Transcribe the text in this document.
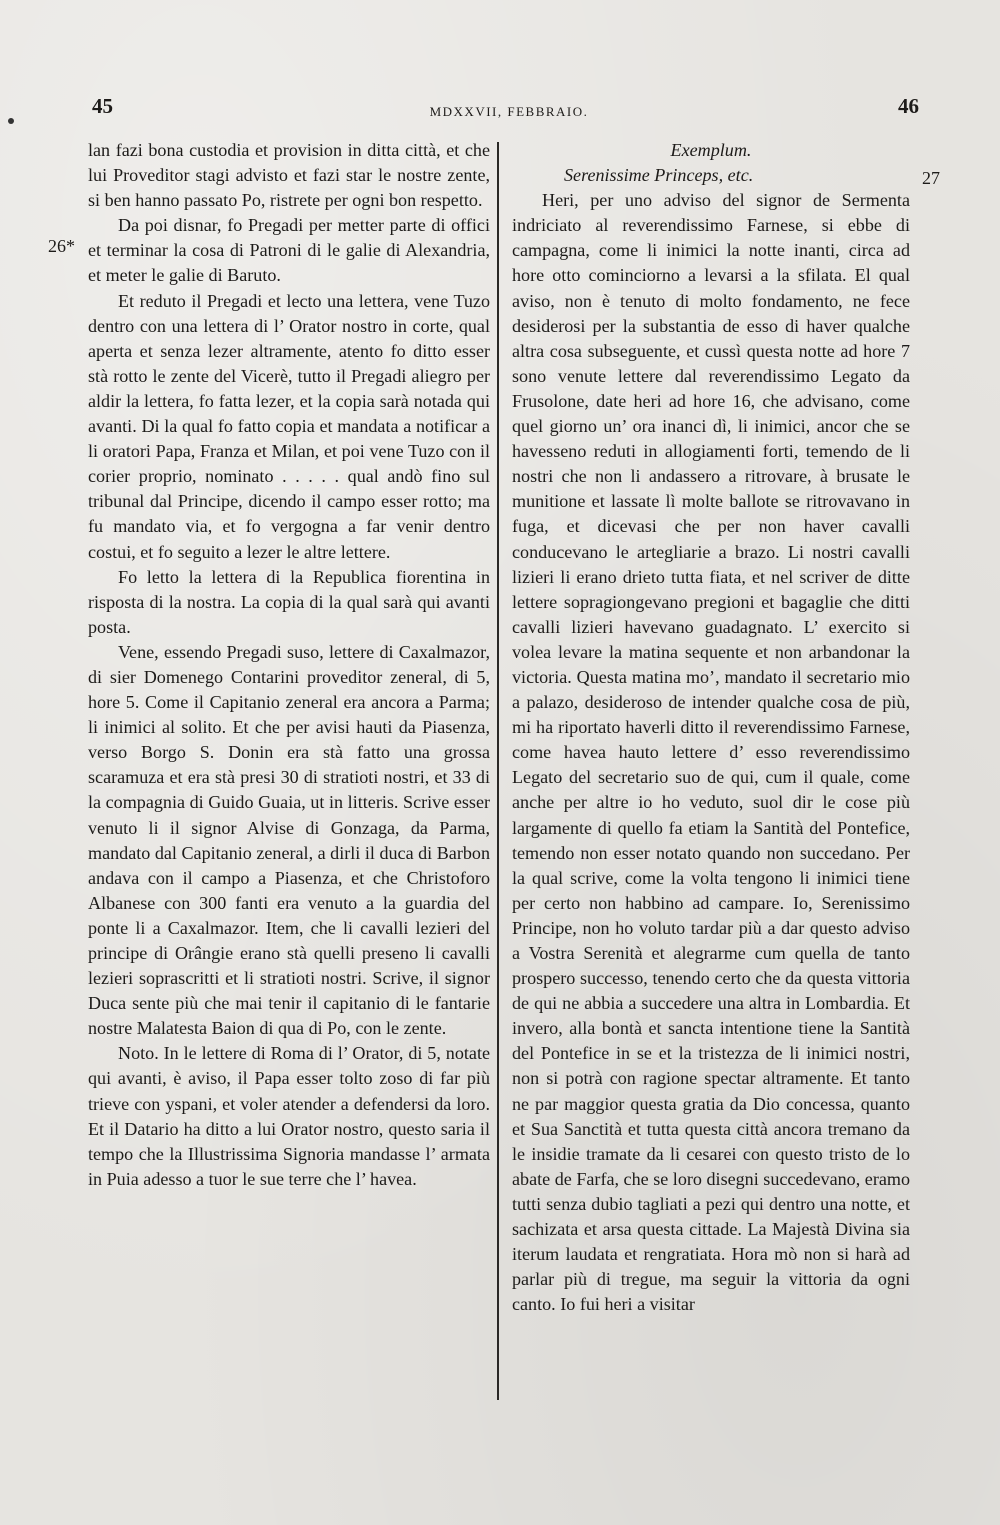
45	MDXXVII, FEBBRAIO.	46
26*
27

lan fazi bona custodia et provision in ditta città, et che lui Proveditor stagi advisto et fazi star le nostre zente, si ben hanno passato Po, ristrete per ogni bon respetto.

Da poi disnar, fo Pregadi per metter parte di offici et terminar la cosa di Patroni di le galie di Alexandria, et meter le galie di Baruto.

Et reduto il Pregadi et lecto una lettera, vene Tuzo dentro con una lettera di l’ Orator nostro in corte, qual aperta et senza lezer altramente, atento fo ditto esser stà rotto le zente del Vicerè, tutto il Pregadi aliegro per aldir la lettera, fo fatta lezer, et la copia sarà notada qui avanti. Di la qual fo fatto copia et mandata a notificar a li oratori Papa, Franza et Milan, et poi vene Tuzo con il corier proprio, nominato . . . . . qual andò fino sul tribunal dal Principe, dicendo il campo esser rotto; ma fu mandato via, et fo vergogna a far venir dentro costui, et fo seguito a lezer le altre lettere.

Fo letto la lettera di la Republica fiorentina in risposta di la nostra. La copia di la qual sarà qui avanti posta.

Vene, essendo Pregadi suso, lettere di Caxalmazor, di sier Domenego Contarini proveditor zeneral, di 5, hore 5. Come il Capitanio zeneral era ancora a Parma; li inimici al solito. Et che per avisi hauti da Piasenza, verso Borgo S. Donin era stà fatto una grossa scaramuza et era stà presi 30 di stratioti nostri, et 33 di la compagnia di Guido Guaia, ut in litteris. Scrive esser venuto li il signor Alvise di Gonzaga, da Parma, mandato dal Capitanio zeneral, a dirli il duca di Barbon andava con il campo a Piasenza, et che Christoforo Albanese con 300 fanti era venuto a la guardia del ponte li a Caxalmazor. Item, che li cavalli lezieri del principe di Orângie erano stà quelli preseno li cavalli lezieri soprascritti et li stratioti nostri. Scrive, il signor Duca sente più che mai tenir il capitanio di le fantarie nostre Malatesta Baion di qua di Po, con le zente.

Noto. In le lettere di Roma di l’ Orator, di 5, notate qui avanti, è aviso, il Papa esser tolto zoso di far più trieve con yspani, et voler atender a defendersi da loro. Et il Datario ha ditto a lui Orator nostro, questo saria il tempo che la Illustrissima Signoria mandasse l’ armata in Puia adesso a tuor le sue terre che l’ havea.

Exemplum.

Serenissime Princeps, etc.

Heri, per uno adviso del signor de Sermenta indriciato al reverendissimo Farnese, si ebbe di campagna, come li inimici la notte inanti, circa ad hore otto cominciorno a levarsi a la sfilata. El qual aviso, non è tenuto di molto fondamento, ne fece desiderosi per la substantia de esso di haver qualche altra cosa subseguente, et cussì questa notte ad hore 7 sono venute lettere dal reverendissimo Legato da Frusolone, date heri ad hore 16, che advisano, come quel giorno un’ ora inanci dì, li inimici, ancor che se havesseno reduti in allogiamenti forti, temendo de li nostri che non li andassero a ritrovare, à brusate le munitione et lassate lì molte ballote se ritrovavano in fuga, et dicevasi che per non haver cavalli conducevano le artegliarie a brazo. Li nostri cavalli lizieri li erano drieto tutta fiata, et nel scriver de ditte lettere sopragiongevano pregioni et bagaglie che ditti cavalli lizieri havevano guadagnato. L’ exercito si volea levare la matina sequente et non arbandonar la victoria. Questa matina mo’, mandato il secretario mio a palazo, desideroso de intender qualche cosa de più, mi ha riportato haverli ditto il reverendissimo Farnese, come havea hauto lettere d’ esso reverendissimo Legato del secretario suo de qui, cum il quale, come anche per altre io ho veduto, suol dir le cose più largamente di quello fa etiam la Santità del Pontefice, temendo non esser notato quando non succedano. Per la qual scrive, come la volta tengono li inimici tiene per certo non habbino ad campare. Io, Serenissimo Principe, non ho voluto tardar più a dar questo adviso a Vostra Serenità et alegrarme cum quella de tanto prospero successo, tenendo certo che da questa vittoria de qui ne abbia a succedere una altra in Lombardia. Et invero, alla bontà et sancta intentione tiene la Santità del Pontefice in se et la tristezza de li inimici nostri, non si potrà con ragione spectar altramente. Et tanto ne par maggior questa gratia da Dio concessa, quanto et Sua Sanctità et tutta questa città ancora tremano da le insidie tramate da li cesarei con questo tristo de lo abate de Farfa, che se loro disegni succedevano, eramo tutti senza dubio tagliati a pezi qui dentro una notte, et sachizata et arsa questa cittade. La Majestà Divina sia iterum laudata et rengratiata. Hora mò non si harà ad parlar più di tregue, ma seguir la vittoria da ogni canto. Io fui heri a visitar
